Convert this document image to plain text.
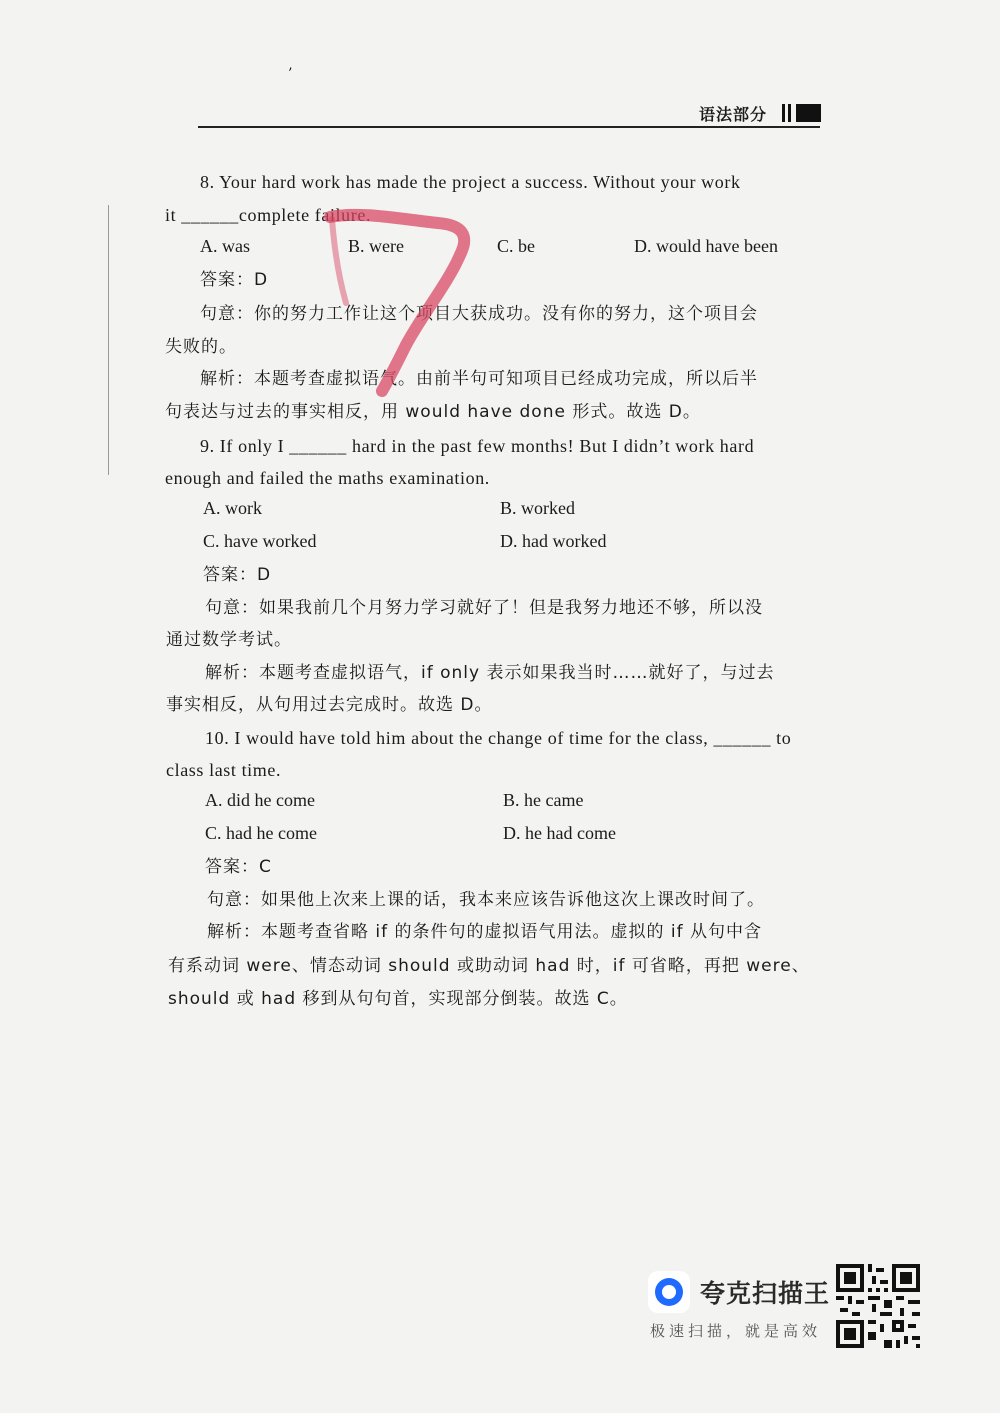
’
语法部分
8. Your hard work has made the project a success. Without your work
it ______complete failure.
A. was	B. were	C. be	D. would have been
答案：D
句意：你的努力工作让这个项目大获成功。没有你的努力，这个项目会
失败的。
解析：本题考查虚拟语气。由前半句可知项目已经成功完成，所以后半
句表达与过去的事实相反，用 would have done 形式。故选 D。
9. If only I ______ hard in the past few months! But I didn’t work hard
enough and failed the maths examination.
A. work	B. worked
C. have worked	D. had worked
答案：D
句意：如果我前几个月努力学习就好了！但是我努力地还不够，所以没
通过数学考试。
解析：本题考查虚拟语气，if only 表示如果我当时……就好了，与过去
事实相反，从句用过去完成时。故选 D。
10. I would have told him about the change of time for the class, ______ to
class last time.
A. did he come	B. he came
C. had he come	D. he had come
答案：C
句意：如果他上次来上课的话，我本来应该告诉他这次上课改时间了。
解析：本题考查省略 if 的条件句的虚拟语气用法。虚拟的 if 从句中含
有系动词 were、情态动词 should 或助动词 had 时，if 可省略，再把 were、
should 或 had 移到从句句首，实现部分倒装。故选 C。
夸克扫描王
极速扫描，就是高效
